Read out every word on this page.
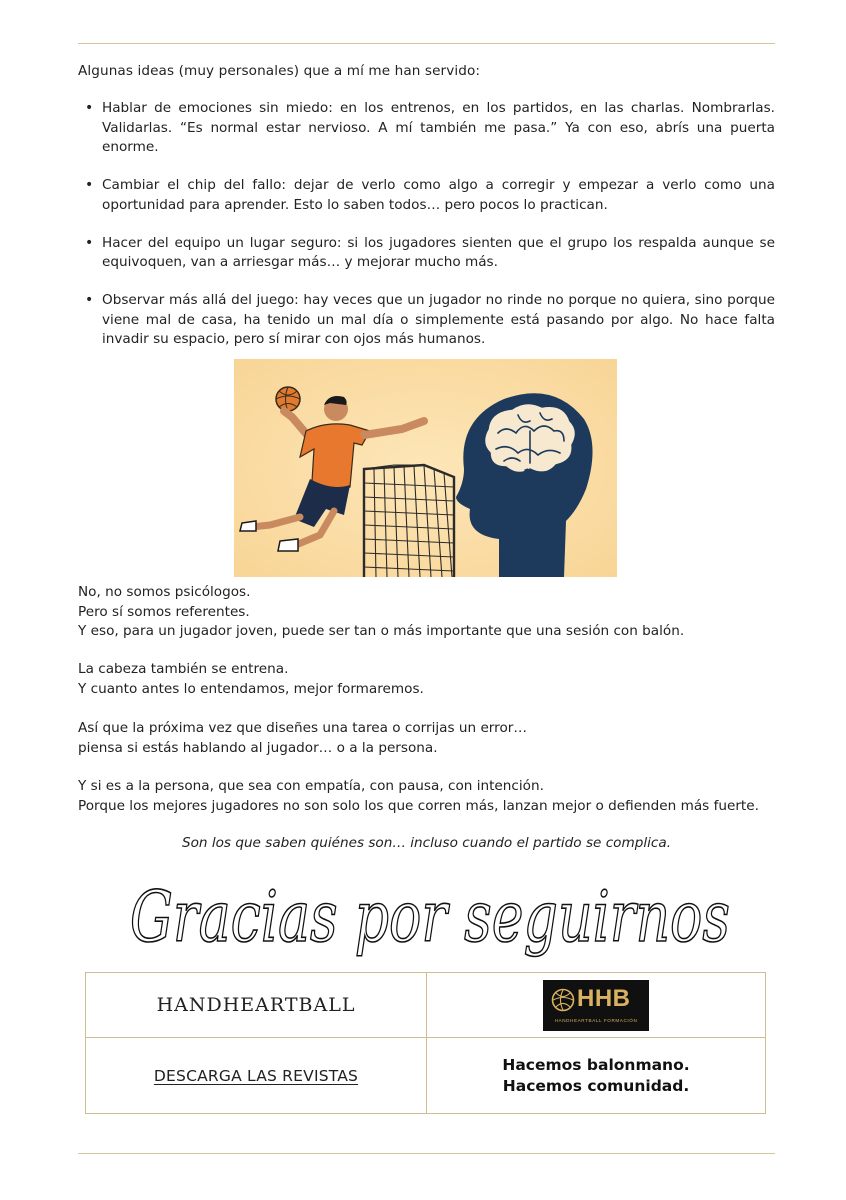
Algunas ideas (muy personales) que a mí me han servido:
• Hablar de emociones sin miedo: en los entrenos, en los partidos, en las charlas. Nombrarlas. Validarlas. “Es normal estar nervioso. A mí también me pasa.” Ya con eso, abrís una puerta enorme.
• Cambiar el chip del fallo: dejar de verlo como algo a corregir y empezar a verlo como una oportunidad para aprender. Esto lo saben todos… pero pocos lo practican.
• Hacer del equipo un lugar seguro: si los jugadores sienten que el grupo los respalda aunque se equivoquen, van a arriesgar más… y mejorar mucho más.
• Observar más allá del juego: hay veces que un jugador no rinde no porque no quiera, sino porque viene mal de casa, ha tenido un mal día o simplemente está pasando por algo. No hace falta invadir su espacio, pero sí mirar con ojos más humanos.
No, no somos psicólogos.
Pero sí somos referentes.
Y eso, para un jugador joven, puede ser tan o más importante que una sesión con balón.
La cabeza también se entrena.
Y cuanto antes lo entendamos, mejor formaremos.
Así que la próxima vez que diseñes una tarea o corrijas un error…
piensa si estás hablando al jugador… o a la persona.
Y si es a la persona, que sea con empatía, con pausa, con intención.
Porque los mejores jugadores no son solo los que corren más, lanzan mejor o defienden más fuerte.
Son los que saben quiénes son… incluso cuando el partido se complica.
Gracias por seguirnos
HANDHEARTBALL	HHB
HANDHEARTBALL FORMACIÓN
DESCARGA LAS REVISTAS
Hacemos balonmano.
Hacemos comunidad.
